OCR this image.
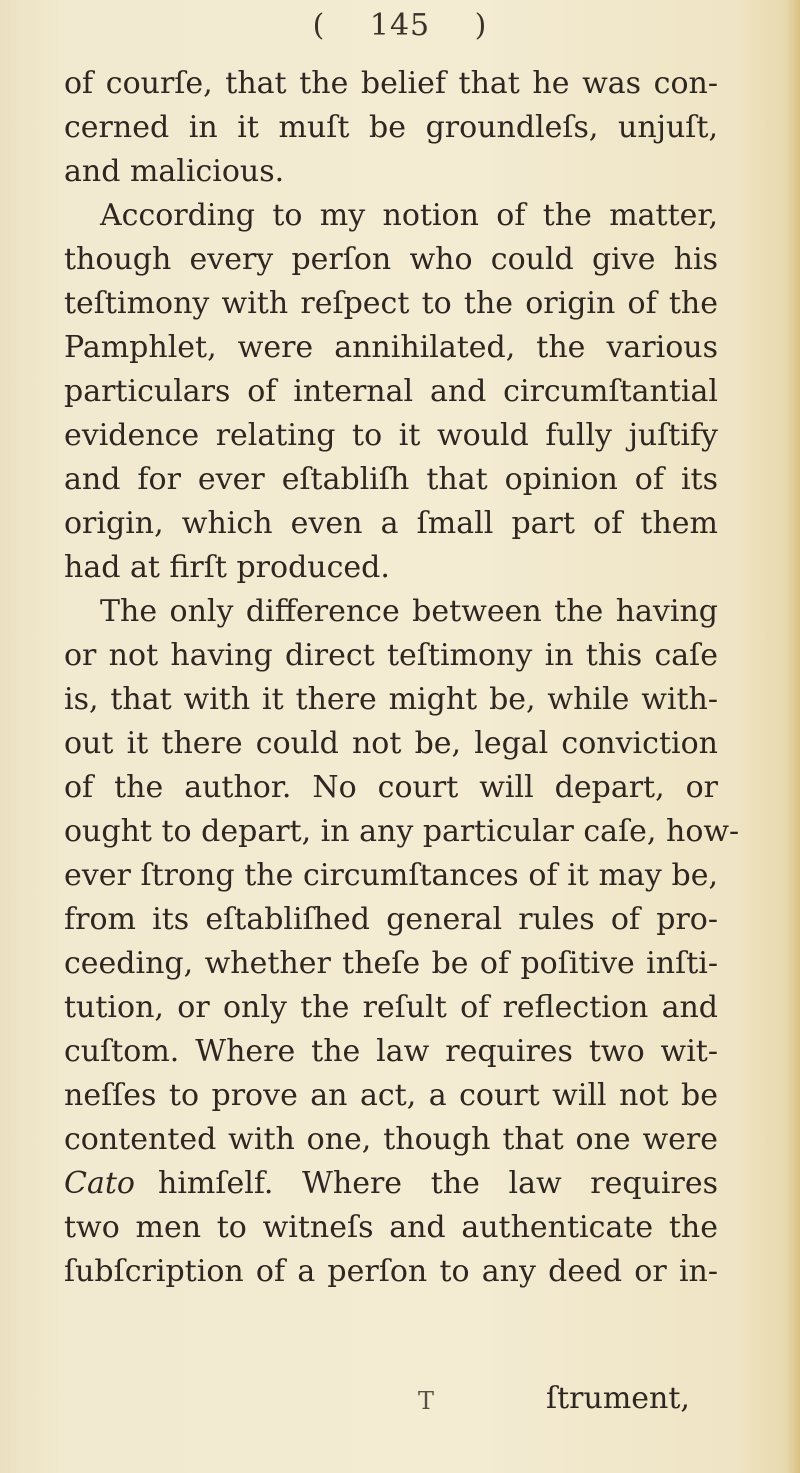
( 145 )
of courſe, that the belief that he was con-
cerned in it muſt be groundleſs, unjuſt,
and malicious.
According to my notion of the matter,
though every perſon who could give his
teſtimony with reſpect to the origin of the
Pamphlet, were annihilated, the various
particulars of internal and circumſtantial
evidence relating to it would fully juſtify
and for ever eſtabliſh that opinion of its
origin, which even a ſmall part of them
had at firſt produced.
The only difference between the having
or not having direct teſtimony in this caſe
is, that with it there might be, while with-
out it there could not be, legal conviction
of the author. No court will depart, or
ought to depart, in any particular caſe, how-
ever ſtrong the circumſtances of it may be,
from its eſtabliſhed general rules of pro-
ceeding, whether theſe be of poſitive inſti-
tution, or only the reſult of reflection and
cuſtom. Where the law requires two wit-
neſſes to prove an act, a court will not be
contented with one, though that one were
Cato himſelf. Where the law requires
two men to witneſs and authenticate the
ſubſcription of a perſon to any deed or in-
T	ſtrument,
